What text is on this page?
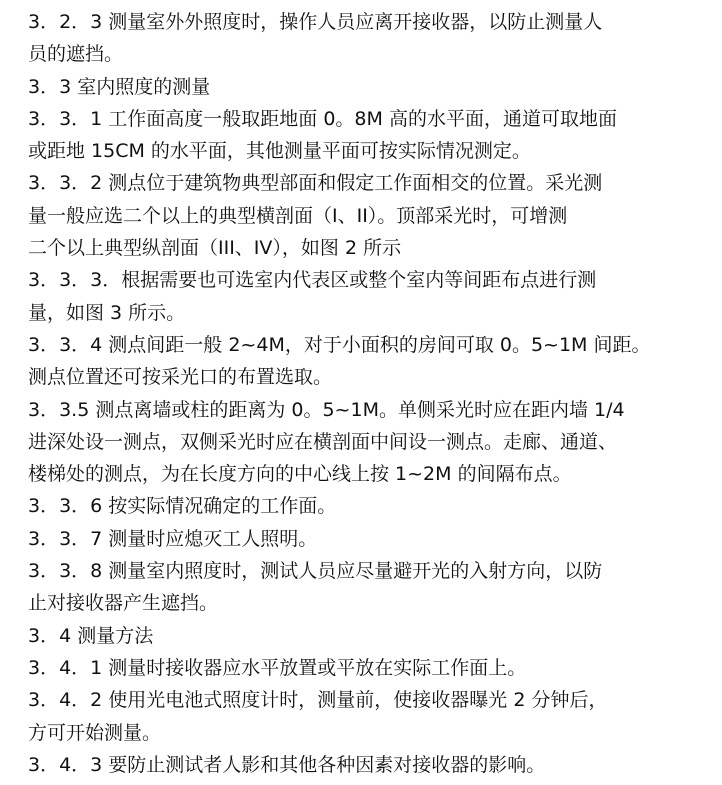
3．2．3 测量室外外照度时，操作人员应离开接收器，以防止测量人
员的遮挡。
3．3 室内照度的测量
3．3．1 工作面高度一般取距地面 0。8M 高的水平面，通道可取地面
或距地 15CM 的水平面，其他测量平面可按实际情况测定。
3．3．2 测点位于建筑物典型部面和假定工作面相交的位置。采光测
量一般应选二个以上的典型横剖面（I、II）。顶部采光时，可增测
二个以上典型纵剖面（III、IV），如图 2 所示
3．3．3．根据需要也可选室内代表区或整个室内等间距布点进行测
量，如图 3 所示。
3．3．4 测点间距一般 2~4M，对于小面积的房间可取 0。5~1M 间距。
测点位置还可按采光口的布置选取。
3．3.5 测点离墙或柱的距离为 0。5~1M。单侧采光时应在距内墙 1/4
进深处设一测点，双侧采光时应在横剖面中间设一测点。走廊、通道、
楼梯处的测点，为在长度方向的中心线上按 1~2M 的间隔布点。
3．3．6 按实际情况确定的工作面。
3．3．7 测量时应熄灭工人照明。
3．3．8 测量室内照度时，测试人员应尽量避开光的入射方向，以防
止对接收器产生遮挡。
3．4 测量方法
3．4．1 测量时接收器应水平放置或平放在实际工作面上。
3．4．2 使用光电池式照度计时，测量前，使接收器曝光 2 分钟后，
方可开始测量。
3．4．3 要防止测试者人影和其他各种因素对接收器的影响。
